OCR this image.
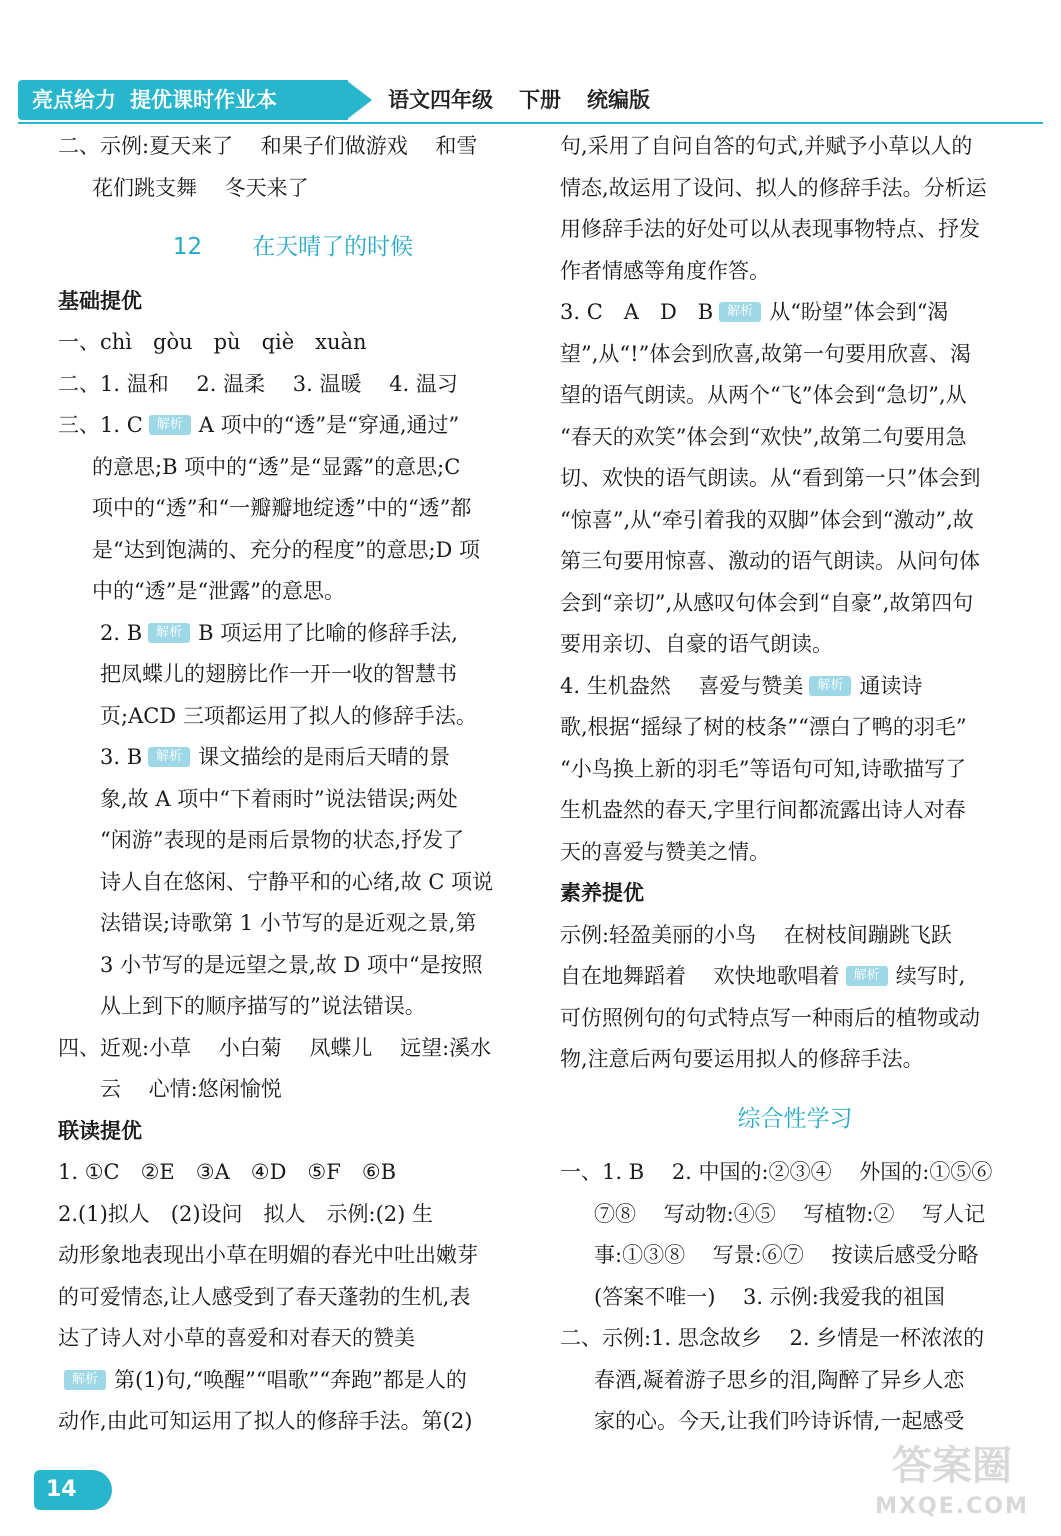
亮点给力 提优课时作业本	语文四年级 下册 统编版
二、示例:夏天来了　 和果子们做游戏　 和雪
花们跳支舞　 冬天来了
12 在天晴了的时候
基础提优
一、chì　gòu　pù　qiè　xuàn
二、1. 温和　 2. 温柔　 3. 温暖　 4. 温习
三、1. C 解析 A 项中的“透”是“穿通,通过”
的意思;B 项中的“透”是“显露”的意思;C
项中的“透”和“一瓣瓣地绽透”中的“透”都
是“达到饱满的、充分的程度”的意思;D 项
中的“透”是“泄露”的意思。
2. B 解析 B 项运用了比喻的修辞手法,
把凤蝶儿的翅膀比作一开一收的智慧书
页;ACD 三项都运用了拟人的修辞手法。
3. B 解析 课文描绘的是雨后天晴的景
象,故 A 项中“下着雨时”说法错误;两处
“闲游”表现的是雨后景物的状态,抒发了
诗人自在悠闲、宁静平和的心绪,故 C 项说
法错误;诗歌第 1 小节写的是近观之景,第
3 小节写的是远望之景,故 D 项中“是按照
从上到下的顺序描写的”说法错误。
四、近观:小草　 小白菊　 凤蝶儿　 远望:溪水
云　 心情:悠闲愉悦
联读提优
1. ①C　②E　③A　④D　⑤F　⑥B
2.(1)拟人　(2)设问　拟人　示例:(2) 生
动形象地表现出小草在明媚的春光中吐出嫩芽
的可爱情态,让人感受到了春天蓬勃的生机,表
达了诗人对小草的喜爱和对春天的赞美
解析 第(1)句,“唤醒”“唱歌”“奔跑”都是人的
动作,由此可知运用了拟人的修辞手法。第(2)
句,采用了自问自答的句式,并赋予小草以人的
情态,故运用了设问、拟人的修辞手法。分析运
用修辞手法的好处可以从表现事物特点、抒发
作者情感等角度作答。
3. C　A　D　B 解析 从“盼望”体会到“渴
望”,从“!”体会到欣喜,故第一句要用欣喜、渴
望的语气朗读。从两个“飞”体会到“急切”,从
“春天的欢笑”体会到“欢快”,故第二句要用急
切、欢快的语气朗读。从“看到第一只”体会到
“惊喜”,从“牵引着我的双脚”体会到“激动”,故
第三句要用惊喜、激动的语气朗读。从问句体
会到“亲切”,从感叹句体会到“自豪”,故第四句
要用亲切、自豪的语气朗读。
4. 生机盎然　 喜爱与赞美 解析 通读诗
歌,根据“摇绿了树的枝条”“漂白了鸭的羽毛”
“小鸟换上新的羽毛”等语句可知,诗歌描写了
生机盎然的春天,字里行间都流露出诗人对春
天的喜爱与赞美之情。
素养提优
示例:轻盈美丽的小鸟　 在树枝间蹦跳飞跃
自在地舞蹈着　 欢快地歌唱着 解析 续写时,
可仿照例句的句式特点写一种雨后的植物或动
物,注意后两句要运用拟人的修辞手法。
综合性学习
一、1. B　 2. 中国的:②③④　 外国的:①⑤⑥
⑦⑧　 写动物:④⑤　 写植物:②　 写人记
事:①③⑧　 写景:⑥⑦　 按读后感受分略
(答案不唯一)　 3. 示例:我爱我的祖国
二、示例:1. 思念故乡　 2. 乡情是一杯浓浓的
春酒,凝着游子思乡的泪,陶醉了异乡人恋
家的心。今天,让我们吟诗诉情,一起感受
14
答案圈
MXQE.COM
